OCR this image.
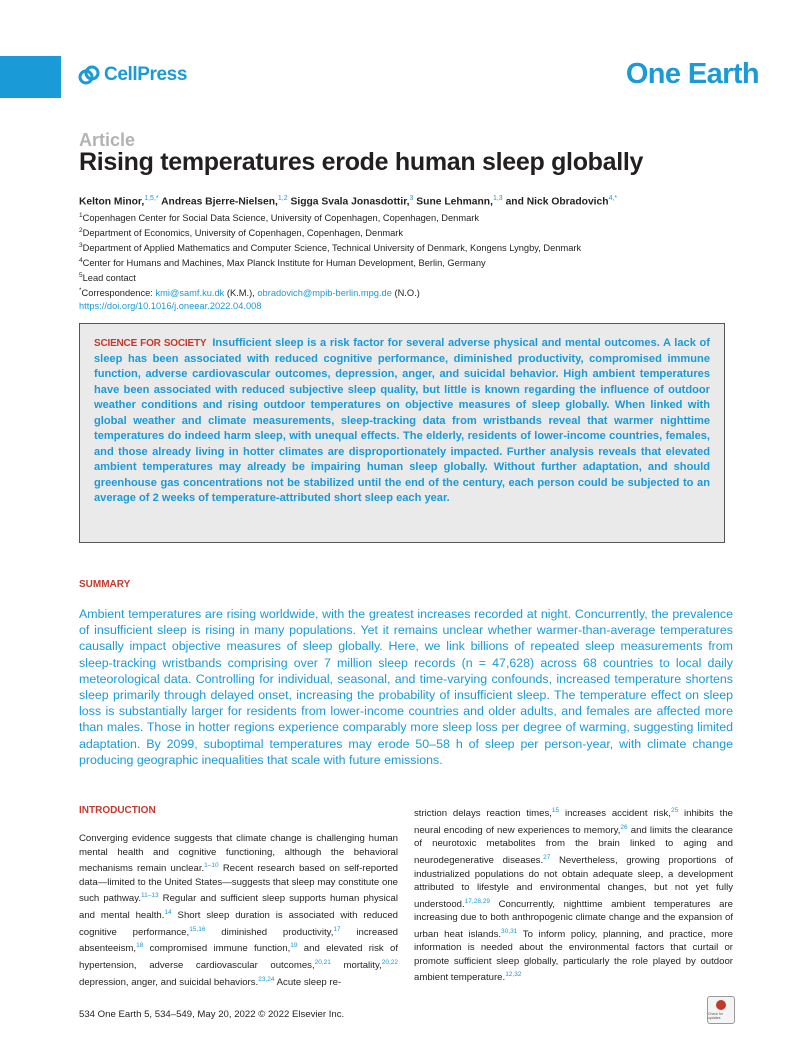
CellPress	One Earth
Article
Rising temperatures erode human sleep globally
Kelton Minor,$^{1,5,*}$ Andreas Bjerre-Nielsen,$^{1,2}$ Sigga Svala Jonasdottir,$^3$ Sune Lehmann,$^{1,3}$ and Nick Obradovich$^{4,*}$
$^1$Copenhagen Center for Social Data Science, University of Copenhagen, Copenhagen, Denmark
$^2$Department of Economics, University of Copenhagen, Copenhagen, Denmark
$^3$Department of Applied Mathematics and Computer Science, Technical University of Denmark, Kongens Lyngby, Denmark
$^4$Center for Humans and Machines, Max Planck Institute for Human Development, Berlin, Germany
$^5$Lead contact
*Correspondence: kmi@samf.ku.dk (K.M.), obradovich@mpib-berlin.mpg.de (N.O.)
https://doi.org/10.1016/j.oneear.2022.04.008

SCIENCE FOR SOCIETY Insufficient sleep is a risk factor for several adverse physical and mental outcomes. A lack of sleep has been associated with reduced cognitive performance, diminished productivity, compromised immune function, adverse cardiovascular outcomes, depression, anger, and suicidal behavior. High ambient temperatures have been associated with reduced subjective sleep quality, but little is known regarding the influence of outdoor weather conditions and rising outdoor temperatures on objective measures of sleep globally. When linked with global weather and climate measurements, sleep-tracking data from wristbands reveal that warmer nighttime temperatures do indeed harm sleep, with unequal effects. The elderly, residents of lower-income countries, females, and those already living in hotter climates are disproportionately impacted. Further analysis reveals that elevated ambient temperatures may already be impairing human sleep globally. Without further adaptation, and should greenhouse gas concentrations not be stabilized until the end of the century, each person could be subjected to an average of 2 weeks of temperature-attributed short sleep each year.

SUMMARY

Ambient temperatures are rising worldwide, with the greatest increases recorded at night. Concurrently, the prevalence of insufficient sleep is rising in many populations. Yet it remains unclear whether warmer-than-average temperatures causally impact objective measures of sleep globally. Here, we link billions of repeated sleep measurements from sleep-tracking wristbands comprising over 7 million sleep records (n = 47,628) across 68 countries to local daily meteorological data. Controlling for individual, seasonal, and time-varying confounds, increased temperature shortens sleep primarily through delayed onset, increasing the probability of insufficient sleep. The temperature effect on sleep loss is substantially larger for residents from lower-income countries and older adults, and females are affected more than males. Those in hotter regions experience comparably more sleep loss per degree of warming, suggesting limited adaptation. By 2099, suboptimal temperatures may erode 50–58 h of sleep per person-year, with climate change producing geographic inequalities that scale with future emissions.

INTRODUCTION

Converging evidence suggests that climate change is challenging human mental health and cognitive functioning, although the behavioral mechanisms remain unclear.$^{1-10}$ Recent research based on self-reported data—limited to the United States—suggests that sleep may constitute one such pathway.$^{11-13}$ Regular and sufficient sleep supports human physical and mental health.$^{14}$ Short sleep duration is associated with reduced cognitive performance,$^{15,16}$ diminished productivity,$^{17}$ increased absenteeism,$^{18}$ compromised immune function,$^{19}$ and elevated risk of hypertension, adverse cardiovascular outcomes,$^{20,21}$ mortality,$^{20,22}$ depression, anger, and suicidal behaviors.$^{23,24}$ Acute sleep re-

striction delays reaction times,$^{15}$ increases accident risk,$^{25}$ inhibits the neural encoding of new experiences to memory,$^{26}$ and limits the clearance of neurotoxic metabolites from the brain linked to aging and neurodegenerative diseases.$^{27}$ Nevertheless, growing proportions of industrialized populations do not obtain adequate sleep, a development attributed to lifestyle and environmental changes, but not yet fully understood.$^{17,28,29}$ Concurrently, nighttime ambient temperatures are increasing due to both anthropogenic climate change and the expansion of urban heat islands.$^{30,31}$ To inform policy, planning, and practice, more information is needed about the environmental factors that curtail or promote sufficient sleep globally, particularly the role played by outdoor ambient temperature.$^{12,32}$

534 One Earth 5, 534–549, May 20, 2022 © 2022 Elsevier Inc.	Check for updates
